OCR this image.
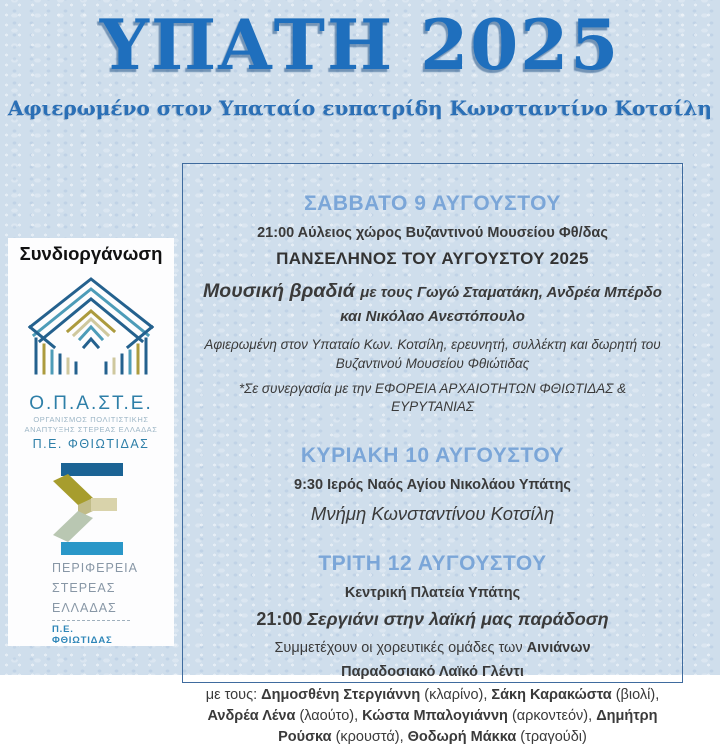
ΥΠΑΤΗ 2025
Αφιερωμένο στον Υπαταίο ευπατρίδη Κωνσταντίνο Κοτσίλη
Συνδιοργάνωση
Ο.Π.Α.ΣΤ.Ε.
ΟΡΓΑΝΙΣΜΟΣ ΠΟΛΙΤΙΣΤΙΚΗΣ
ΑΝΑΠΤΥΞΗΣ ΣΤΕΡΕΑΣ ΕΛΛΑΔΑΣ
Π.Ε. ΦΘΙΩΤΙΔΑΣ
ΠΕΡΙΦΕΡΕΙΑ
ΣΤΕΡΕΑΣ
ΕΛΛΑΔΑΣ
Π.Ε. ΦΘΙΩΤΙΔΑΣ
ΣΑΒΒΑΤΟ 9 ΑΥΓΟΥΣΤΟΥ
21:00 Αύλειος χώρος Βυζαντινού Μουσείου Φθ/δας
ΠΑΝΣΕΛΗΝΟΣ ΤΟΥ ΑΥΓΟΥΣΤΟΥ 2025
Μουσική βραδιά με τους Γωγώ Σταματάκη, Ανδρέα Μπέρδο και Νικόλαο Ανεστόπουλο
Αφιερωμένη στον Υπαταίο Κων. Κοτσίλη, ερευνητή, συλλέκτη και δωρητή του Βυζαντινού Μουσείου Φθιώτιδας
*Σε συνεργασία με την ΕΦΟΡΕΙΑ ΑΡΧΑΙΟΤΗΤΩΝ ΦΘΙΩΤΙΔΑΣ & ΕΥΡΥΤΑΝΙΑΣ
ΚΥΡΙΑΚΗ 10 ΑΥΓΟΥΣΤΟΥ
9:30 Ιερός Ναός Αγίου Νικολάου Υπάτης
Μνήμη Κωνσταντίνου Κοτσίλη
ΤΡΙΤΗ 12 ΑΥΓΟΥΣΤΟΥ
Κεντρική Πλατεία Υπάτης
21:00 Σεργιάνι στην λαϊκή μας παράδοση
Συμμετέχουν οι χορευτικές ομάδες των Αινιάνων
Παραδοσιακό Λαϊκό Γλέντι
με τους: Δημοσθένη Στεργιάννη (κλαρίνο), Σάκη Καρακώστα (βιολί), Ανδρέα Λένα (λαούτο), Κώστα Μπαλογιάννη (αρκοντεόν), Δημήτρη Ρούσκα (κρουστά), Θοδωρή Μάκκα (τραγούδι)
